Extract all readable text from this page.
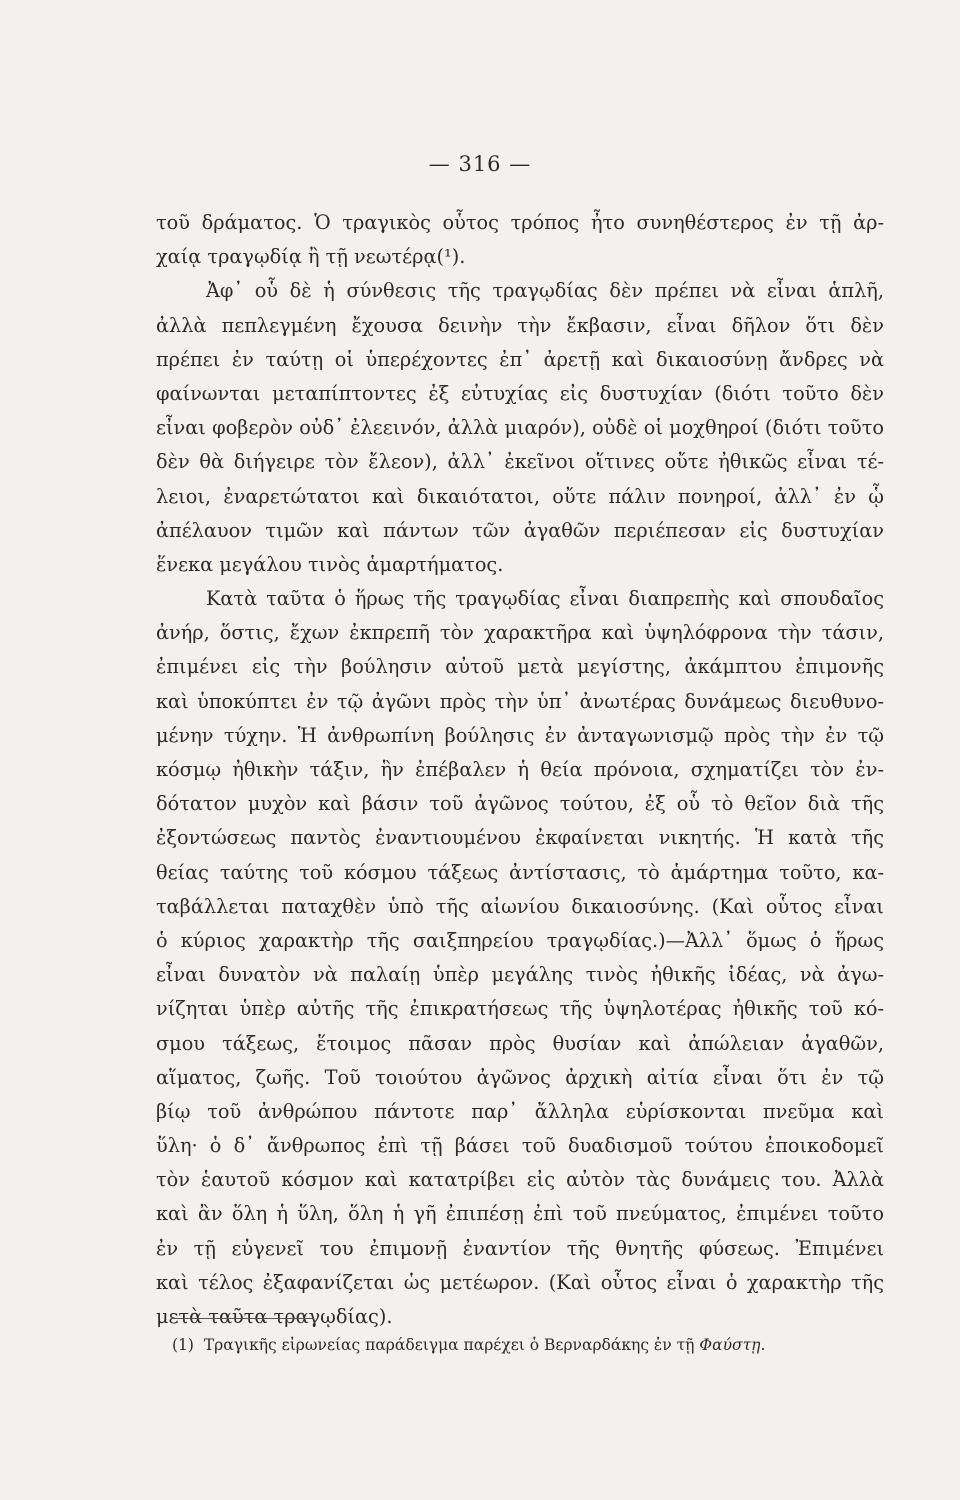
— 316 —
τοῦ δράματος. Ὁ τραγικὸς οὗτος τρόπος ἦτο συνηθέστερος ἐν τῇ ἀρ-
χαίᾳ τραγῳδίᾳ ἢ τῇ νεωτέρᾳ(¹).
Ἀφ᾽ οὗ δὲ ἡ σύνθεσις τῆς τραγῳδίας δὲν πρέπει νὰ εἶναι ἁπλῆ,
ἀλλὰ πεπλεγμένη ἔχουσα δεινὴν τὴν ἔκβασιν, εἶναι δῆλον ὅτι δὲν
πρέπει ἐν ταύτῃ οἱ ὑπερέχοντες ἐπ᾽ ἀρετῇ καὶ δικαιοσύνῃ ἄνδρες νὰ
φαίνωνται μεταπίπτοντες ἐξ εὐτυχίας εἰς δυστυχίαν (διότι τοῦτο δὲν
εἶναι φοβερὸν οὐδ᾽ ἐλεεινόν, ἀλλὰ μιαρόν), οὐδὲ οἱ μοχθηροί (διότι τοῦτο
δὲν θὰ διήγειρε τὸν ἔλεον), ἀλλ᾽ ἐκεῖνοι οἵτινες οὔτε ἠθικῶς εἶναι τέ-
λειοι, ἐναρετώτατοι καὶ δικαιότατοι, οὔτε πάλιν πονηροί, ἀλλ᾽ ἐν ᾧ
ἀπέλαυον τιμῶν καὶ πάντων τῶν ἀγαθῶν περιέπεσαν εἰς δυστυχίαν
ἕνεκα μεγάλου τινὸς ἁμαρτήματος.
Κατὰ ταῦτα ὁ ἥρως τῆς τραγῳδίας εἶναι διαπρεπὴς καὶ σπουδαῖος
ἀνήρ, ὅστις, ἔχων ἐκπρεπῆ τὸν χαρακτῆρα καὶ ὑψηλόφρονα τὴν τάσιν,
ἐπιμένει εἰς τὴν βούλησιν αὐτοῦ μετὰ μεγίστης, ἀκάμπτου ἐπιμονῆς
καὶ ὑποκύπτει ἐν τῷ ἀγῶνι πρὸς τὴν ὑπ᾽ ἀνωτέρας δυνάμεως διευθυνο-
μένην τύχην. Ἡ ἀνθρωπίνη βούλησις ἐν ἀνταγωνισμῷ πρὸς τὴν ἐν τῷ
κόσμῳ ἠθικὴν τάξιν, ἣν ἐπέβαλεν ἡ θεία πρόνοια, σχηματίζει τὸν ἐν-
δότατον μυχὸν καὶ βάσιν τοῦ ἀγῶνος τούτου, ἐξ οὗ τὸ θεῖον διὰ τῆς
ἐξοντώσεως παντὸς ἐναντιουμένου ἐκφαίνεται νικητής. Ἡ κατὰ τῆς
θείας ταύτης τοῦ κόσμου τάξεως ἀντίστασις, τὸ ἁμάρτημα τοῦτο, κα-
ταβάλλεται παταχθὲν ὑπὸ τῆς αἰωνίου δικαιοσύνης. (Καὶ οὗτος εἶναι
ὁ κύριος χαρακτὴρ τῆς σαιξπηρείου τραγῳδίας.)—Ἀλλ᾽ ὅμως ὁ ἥρως
εἶναι δυνατὸν νὰ παλαίῃ ὑπὲρ μεγάλης τινὸς ἠθικῆς ἰδέας, νὰ ἀγω-
νίζηται ὑπὲρ αὐτῆς τῆς ἐπικρατήσεως τῆς ὑψηλοτέρας ἠθικῆς τοῦ κό-
σμου τάξεως, ἕτοιμος πᾶσαν πρὸς θυσίαν καὶ ἀπώλειαν ἀγαθῶν,
αἵματος, ζωῆς. Τοῦ τοιούτου ἀγῶνος ἀρχικὴ αἰτία εἶναι ὅτι ἐν τῷ
βίῳ τοῦ ἀνθρώπου πάντοτε παρ᾽ ἄλληλα εὑρίσκονται πνεῦμα καὶ
ὕλη· ὁ δ᾽ ἄνθρωπος ἐπὶ τῇ βάσει τοῦ δυαδισμοῦ τούτου ἐποικοδομεῖ
τὸν ἑαυτοῦ κόσμον καὶ κατατρίβει εἰς αὐτὸν τὰς δυνάμεις του. Ἀλλὰ
καὶ ἂν ὅλη ἡ ὕλη, ὅλη ἡ γῆ ἐπιπέσῃ ἐπὶ τοῦ πνεύματος, ἐπιμένει τοῦτο
ἐν τῇ εὐγενεῖ του ἐπιμονῇ ἐναντίον τῆς θνητῆς φύσεως. Ἐπιμένει
καὶ τέλος ἐξαφανίζεται ὡς μετέωρον. (Καὶ οὗτος εἶναι ὁ χαρακτὴρ τῆς
μετὰ ταῦτα τραγῳδίας).
(1) Τραγικῆς εἰρωνείας παράδειγμα παρέχει ὁ Βερναρδάκης ἐν τῇ Φαύστῃ.
